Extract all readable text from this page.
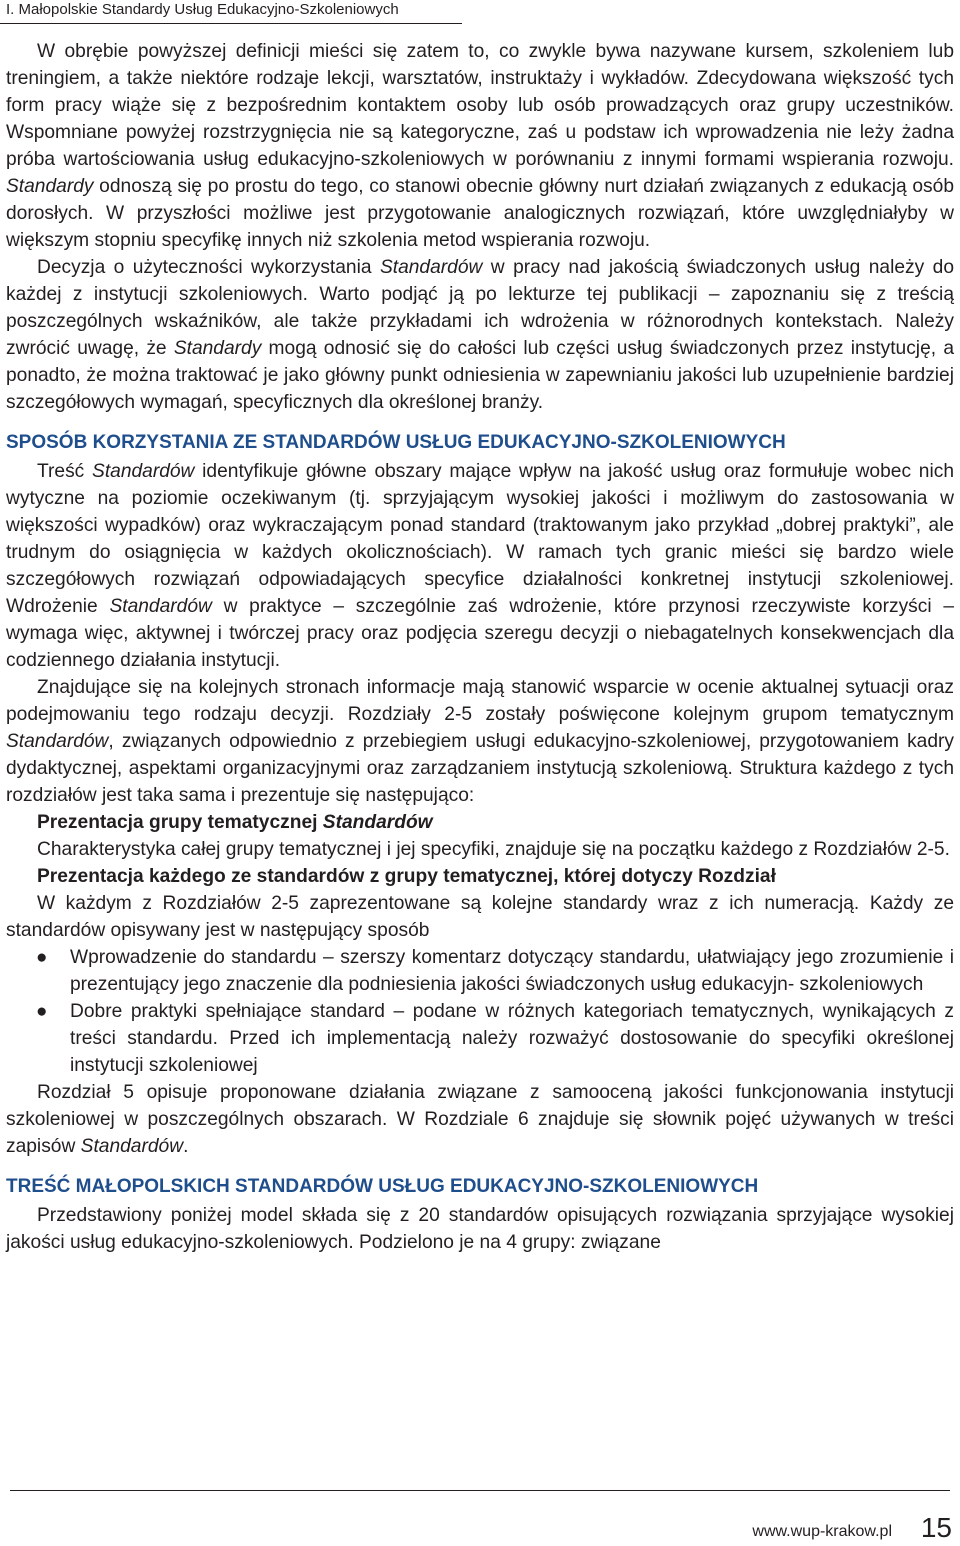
I. Małopolskie Standardy Usług Edukacyjno-Szkoleniowych

W obrębie powyższej definicji mieści się zatem to, co zwykle bywa nazywane kursem, szkoleniem lub treningiem, a także niektóre rodzaje lekcji, warsztatów, instruktaży i wykładów. Zdecydowana większość tych form pracy wiąże się z bezpośrednim kontaktem osoby lub osób prowadzących oraz grupy uczestników. Wspomniane powyżej rozstrzygnięcia nie są kategoryczne, zaś u podstaw ich wprowadzenia nie leży żadna próba wartościowania usług edukacyjno-szkoleniowych w porównaniu z innymi formami wspierania rozwoju. Standardy odnoszą się po prostu do tego, co stanowi obecnie główny nurt działań związanych z edukacją osób dorosłych. W przyszłości możliwe jest przygotowanie analogicznych rozwiązań, które uwzględniałyby w większym stopniu specyfikę innych niż szkolenia metod wspierania rozwoju.

Decyzja o użyteczności wykorzystania Standardów w pracy nad jakością świadczonych usług należy do każdej z instytucji szkoleniowych. Warto podjąć ją po lekturze tej publikacji – zapoznaniu się z treścią poszczególnych wskaźników, ale także przykładami ich wdrożenia w różnorodnych kontekstach. Należy zwrócić uwagę, że Standardy mogą odnosić się do całości lub części usług świadczonych przez instytucję, a ponadto, że można traktować je jako główny punkt odniesienia w zapewnianiu jakości lub uzupełnienie bardziej szczegółowych wymagań, specyficznych dla określonej branży.

SPOSÓB KORZYSTANIA ZE STANDARDÓW USŁUG EDUKACYJNO-SZKOLENIOWYCH

Treść Standardów identyfikuje główne obszary mające wpływ na jakość usług oraz formułuje wobec nich wytyczne na poziomie oczekiwanym (tj. sprzyjającym wysokiej jakości i możliwym do zastosowania w większości wypadków) oraz wykraczającym ponad standard (traktowanym jako przykład „dobrej praktyki”, ale trudnym do osiągnięcia w każdych okolicznościach). W ramach tych granic mieści się bardzo wiele szczegółowych rozwiązań odpowiadających specyfice działalności konkretnej instytucji szkoleniowej. Wdrożenie Standardów w praktyce – szczególnie zaś wdrożenie, które przynosi rzeczywiste korzyści – wymaga więc, aktywnej i twórczej pracy oraz podjęcia szeregu decyzji o niebagatelnych konsekwencjach dla codziennego działania instytucji.

Znajdujące się na kolejnych stronach informacje mają stanowić wsparcie w ocenie aktualnej sytuacji oraz podejmowaniu tego rodzaju decyzji. Rozdziały 2-5 zostały poświęcone kolejnym grupom tematycznym Standardów, związanych odpowiednio z przebiegiem usługi edukacyjno-szkoleniowej, przygotowaniem kadry dydaktycznej, aspektami organizacyjnymi oraz zarządzaniem instytucją szkoleniową. Struktura każdego z tych rozdziałów jest taka sama i prezentuje się następująco:

Prezentacja grupy tematycznej Standardów

Charakterystyka całej grupy tematycznej i jej specyfiki, znajduje się na początku każdego z Rozdziałów 2-5.

Prezentacja każdego ze standardów z grupy tematycznej, której dotyczy Rozdział

W każdym z Rozdziałów 2-5 zaprezentowane są kolejne standardy wraz z ich numeracją. Każdy ze standardów opisywany jest w następujący sposób

● Wprowadzenie do standardu – szerszy komentarz dotyczący standardu, ułatwiający jego zrozumienie i prezentujący jego znaczenie dla podniesienia jakości świadczonych usług edukacyjn- szkoleniowych
● Dobre praktyki spełniające standard – podane w różnych kategoriach tematycznych, wynikających z treści standardu. Przed ich implementacją należy rozważyć dostosowanie do specyfiki określonej instytucji szkoleniowej

Rozdział 5 opisuje proponowane działania związane z samooceną jakości funkcjonowania instytucji szkoleniowej w poszczególnych obszarach. W Rozdziale 6 znajduje się słownik pojęć używanych w treści zapisów Standardów.

TREŚĆ MAŁOPOLSKICH STANDARDÓW USŁUG EDUKACYJNO-SZKOLENIOWYCH

Przedstawiony poniżej model składa się z 20 standardów opisujących rozwiązania sprzyjające wysokiej jakości usług edukacyjno-szkoleniowych. Podzielono je na 4 grupy: związane

www.wup-krakow.pl 15
